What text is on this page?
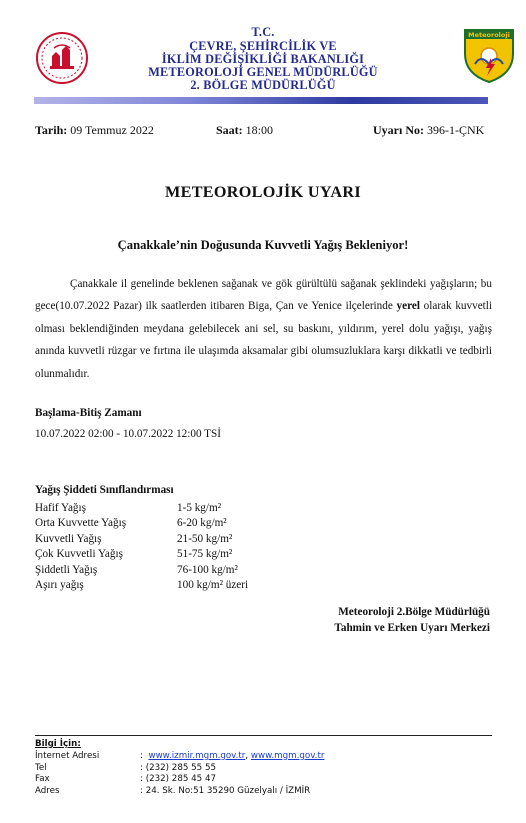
T.C.
ÇEVRE, ŞEHİRCİLİK VE
İKLİM DEĞİŞİKLİĞİ BAKANLIĞI
METEOROLOJİ GENEL MÜDÜRLÜĞÜ
2. BÖLGE MÜDÜRLÜĞÜ
Meteoroloji
Tarih: 09 Temmuz 2022	Saat: 18:00	Uyarı No: 396-1-ÇNK
METEOROLOJİK UYARI
Çanakkale’nin Doğusunda Kuvvetli Yağış Bekleniyor!

Çanakkale il genelinde beklenen sağanak ve gök gürültülü sağanak şeklindeki yağışların; bu gece(10.07.2022 Pazar) ilk saatlerden itibaren Biga, Çan ve Yenice ilçelerinde yerel olarak kuvvetli olması beklendiğinden meydana gelebilecek ani sel, su baskını, yıldırım, yerel dolu yağışı, yağış anında kuvvetli rüzgar ve fırtına ile ulaşımda aksamalar gibi olumsuzluklara karşı dikkatli ve tedbirli olunmalıdır.

Başlama-Bitiş Zamanı
10.07.2022 02:00 - 10.07.2022 12:00 TSİ
Yağış Şiddeti Sınıflandırması
Hafif Yağış	1-5 kg/m²
Orta Kuvvette Yağış	6-20 kg/m²
Kuvvetli Yağış	21-50 kg/m²
Çok Kuvvetli Yağış	51-75 kg/m²
Şiddetli Yağış	76-100 kg/m²
Aşırı yağış	100 kg/m² üzeri
Meteoroloji 2.Bölge Müdürlüğü
Tahmin ve Erken Uyarı Merkezi
Bilgi İçin:
İnternet Adresi	:
www.izmir.mgm.gov.tr ,
www.mgm.gov.tr
Tel	: (232) 285 55 55
Fax	: (232) 285 45 47
Adres	: 24. Sk. No:51 35290 Güzelyalı / İZMİR
